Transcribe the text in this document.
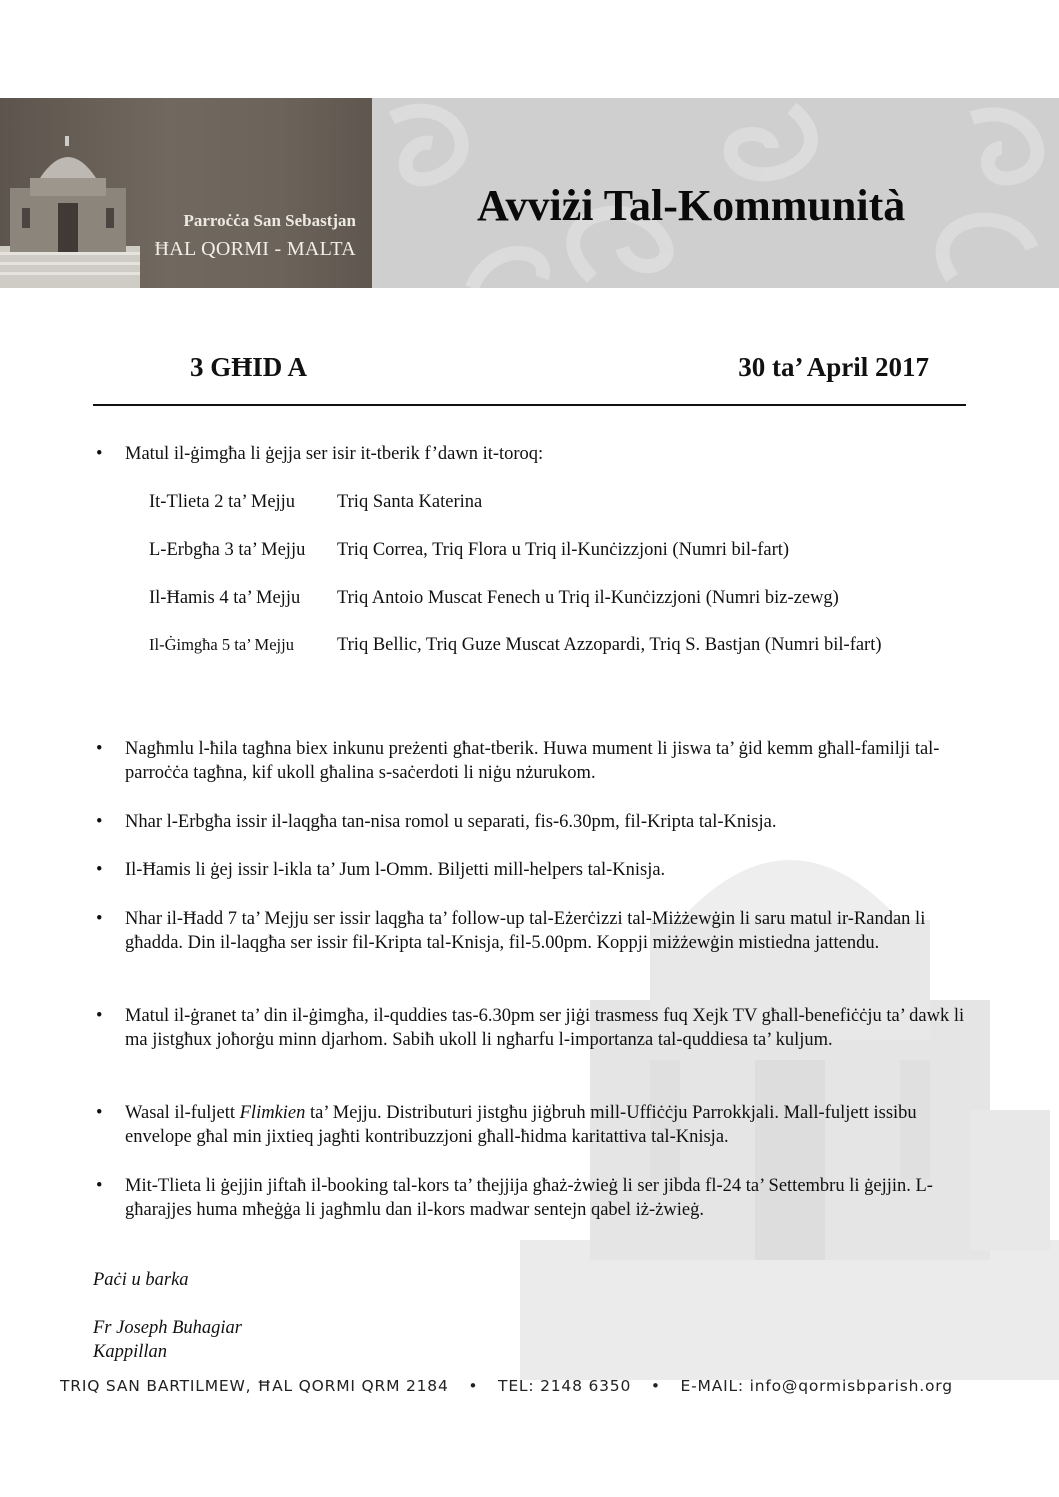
Parroċċa San Sebastjan
ĦAL QORMI - MALTA
Avviżi Tal-Kommunità
3 GĦID A	30 ta’ April 2017
• Matul il-ġimgħa li ġejja ser isir it-tberik f’dawn it-toroq:
It-Tlieta 2 ta’ Mejju	Triq Santa Katerina
L-Erbgħa 3 ta’ Mejju	Triq Correa, Triq Flora u Triq il-Kunċizzjoni (Numri bil-fart)
Il-Ħamis 4 ta’ Mejju	Triq Antoio Muscat Fenech u Triq il-Kunċizzjoni (Numri biz-zewg)
Il-Ġimgħa 5 ta’ Mejju	Triq Bellic, Triq Guze Muscat Azzopardi, Triq S. Bastjan (Numri bil-fart)
• Nagħmlu l-ħila tagħna biex inkunu preżenti għat-tberik. Huwa mument li jiswa ta’ ġid kemm għall-familji tal-parroċċa tagħna, kif ukoll għalina s-saċerdoti li niġu nżurukom.
• Nhar l-Erbgħa issir il-laqgħa tan-nisa romol u separati, fis-6.30pm, fil-Kripta tal-Knisja.
• Il-Ħamis li ġej issir l-ikla ta’ Jum l-Omm. Biljetti mill-helpers tal-Knisja.
• Nhar il-Ħadd 7 ta’ Mejju ser issir laqgħa ta’ follow-up tal-Eżerċizzi tal-Miżżewġin li saru matul ir-Randan li għadda. Din il-laqgħa ser issir fil-Kripta tal-Knisja, fil-5.00pm. Koppji miżżewġin mistiedna jattendu.
• Matul il-ġranet ta’ din il-ġimgħa, il-quddies tas-6.30pm ser jiġi trasmess fuq Xejk TV għall-benefiċċju ta’ dawk li ma jistgħux joħorġu minn djarhom. Sabiħ ukoll li ngħarfu l-importanza tal-quddiesa ta’ kuljum.
• Wasal il-fuljett Flimkien ta’ Mejju. Distributuri jistgħu jiġbruh mill-Uffiċċju Parrokkjali. Mall-fuljett issibu envelope għal min jixtieq jagħti kontribuzzjoni għall-ħidma karitattiva tal-Knisja.
• Mit-Tlieta li ġejjin jiftaħ il-booking tal-kors ta’ tħejjija għaż-żwieġ li ser jibda fl-24 ta’ Settembru li ġejjin. L-għarajjes huma mħeġġa li jagħmlu dan il-kors madwar sentejn qabel iż-żwieġ.
Paċi u barka
Fr Joseph Buhagiar
Kappillan
TRIQ SAN BARTILMEW, ĦAL QORMI QRM 2184 • TEL: 2148 6350 • E-MAIL: info@qormisbparish.org
